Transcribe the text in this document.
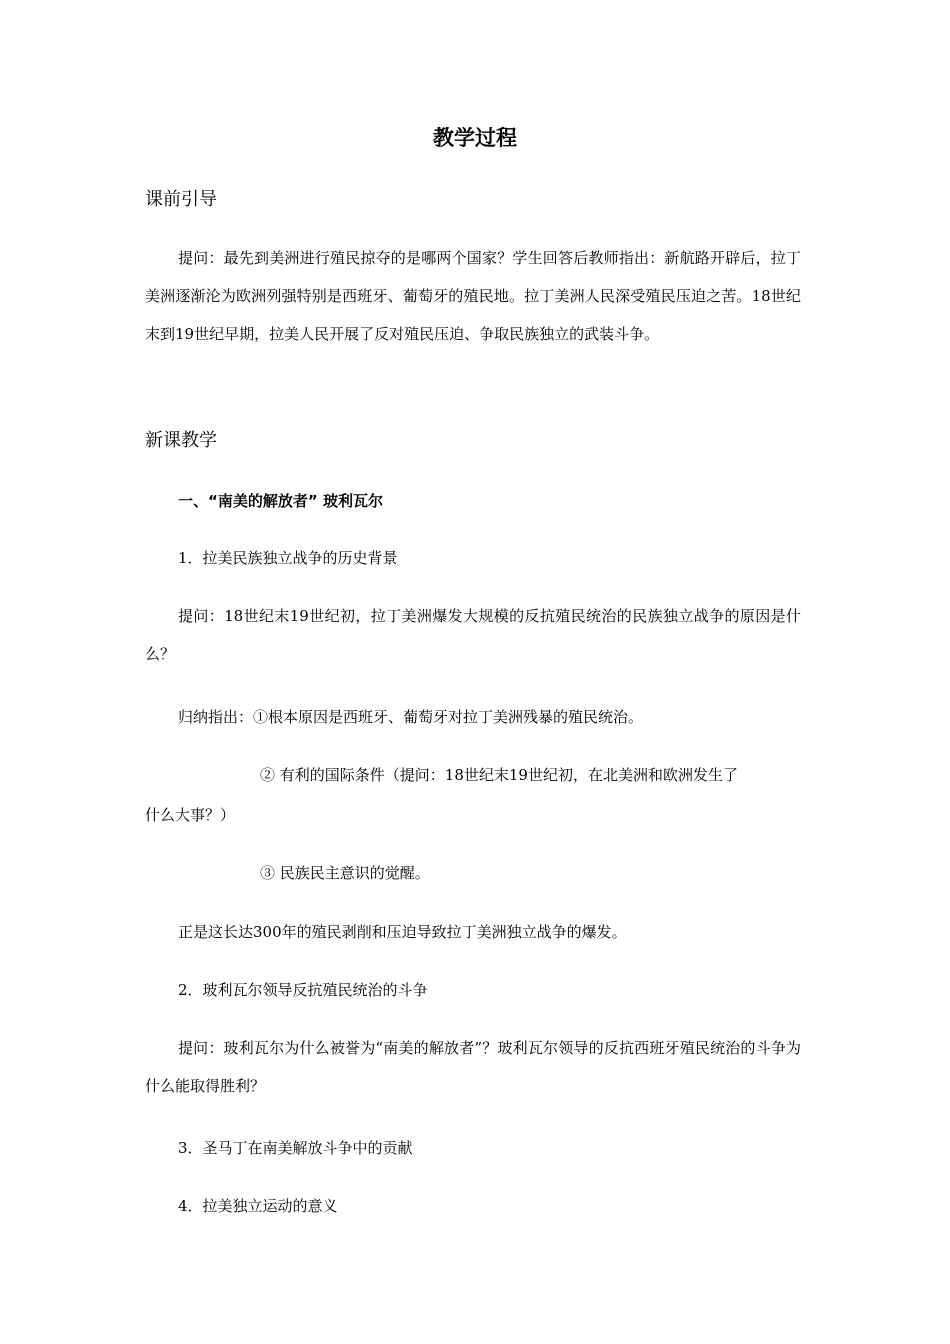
教学过程
课前引导

提问：最先到美洲进行殖民掠夺的是哪两个国家？学生回答后教师指出：新航路开辟后，拉丁美洲逐渐沦为欧洲列强特别是西班牙、葡萄牙的殖民地。拉丁美洲人民深受殖民压迫之苦。18世纪末到19世纪早期，拉美人民开展了反对殖民压迫、争取民族独立的武装斗争。

新课教学
一、“南美的解放者” 玻利瓦尔
1．拉美民族独立战争的历史背景

提问：18世纪末19世纪初，拉丁美洲爆发大规模的反抗殖民统治的民族独立战争的原因是什么？

归纳指出：①根本原因是西班牙、葡萄牙对拉丁美洲残暴的殖民统治。
② 有利的国际条件（提问：18世纪末19世纪初，在北美洲和欧洲发生了
什么大事？）
③ 民族民主意识的觉醒。
正是这长达300年的殖民剥削和压迫导致拉丁美洲独立战争的爆发。
2．玻利瓦尔领导反抗殖民统治的斗争

提问：玻利瓦尔为什么被誉为“南美的解放者”？玻利瓦尔领导的反抗西班牙殖民统治的斗争为什么能取得胜利？

3．圣马丁在南美解放斗争中的贡献
4．拉美独立运动的意义
